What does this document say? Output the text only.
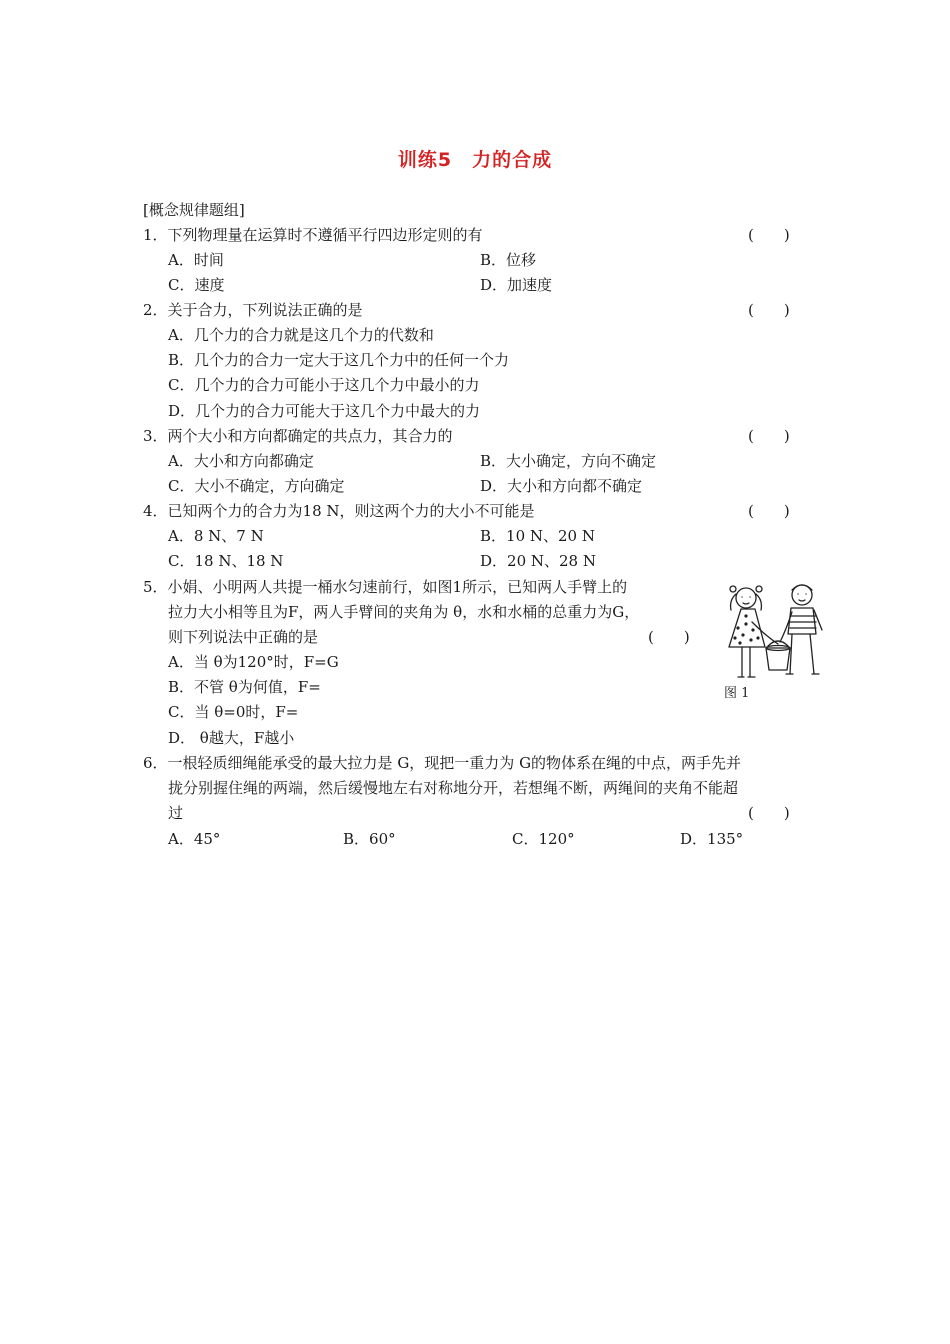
训练5　力的合成
[概念规律题组]
1．下列物理量在运算时不遵循平行四边形定则的有	(　　)
A．时间	B．位移
C．速度	D．加速度
2．关于合力，下列说法正确的是	(　　)
A．几个力的合力就是这几个力的代数和
B．几个力的合力一定大于这几个力中的任何一个力
C．几个力的合力可能小于这几个力中最小的力
D．几个力的合力可能大于这几个力中最大的力
3．两个大小和方向都确定的共点力，其合力的	(　　)
A．大小和方向都确定	B．大小确定，方向不确定
C．大小不确定，方向确定	D．大小和方向都不确定
4．已知两个力的合力为18 N，则这两个力的大小不可能是	(　　)
A．8 N、7 N	B．10 N、20 N
C．18 N、18 N	D．20 N、28 N
5．小娟、小明两人共提一桶水匀速前行，如图1所示，已知两人手臂上的
拉力大小相等且为F，两人手臂间的夹角为 θ，水和水桶的总重力为G，
则下列说法中正确的是	(　　)
A．当 θ为120°时，F=G
B．不管 θ为何值，F=
C．当 θ=0时，F=
D． θ越大，F越小
图 1
6．一根轻质细绳能承受的最大拉力是 G，现把一重力为 G的物体系在绳的中点，两手先并
拢分别握住绳的两端，然后缓慢地左右对称地分开，若想绳不断，两绳间的夹角不能超
过	(　　)
A．45°	B．60°	C．120°	D．135°
